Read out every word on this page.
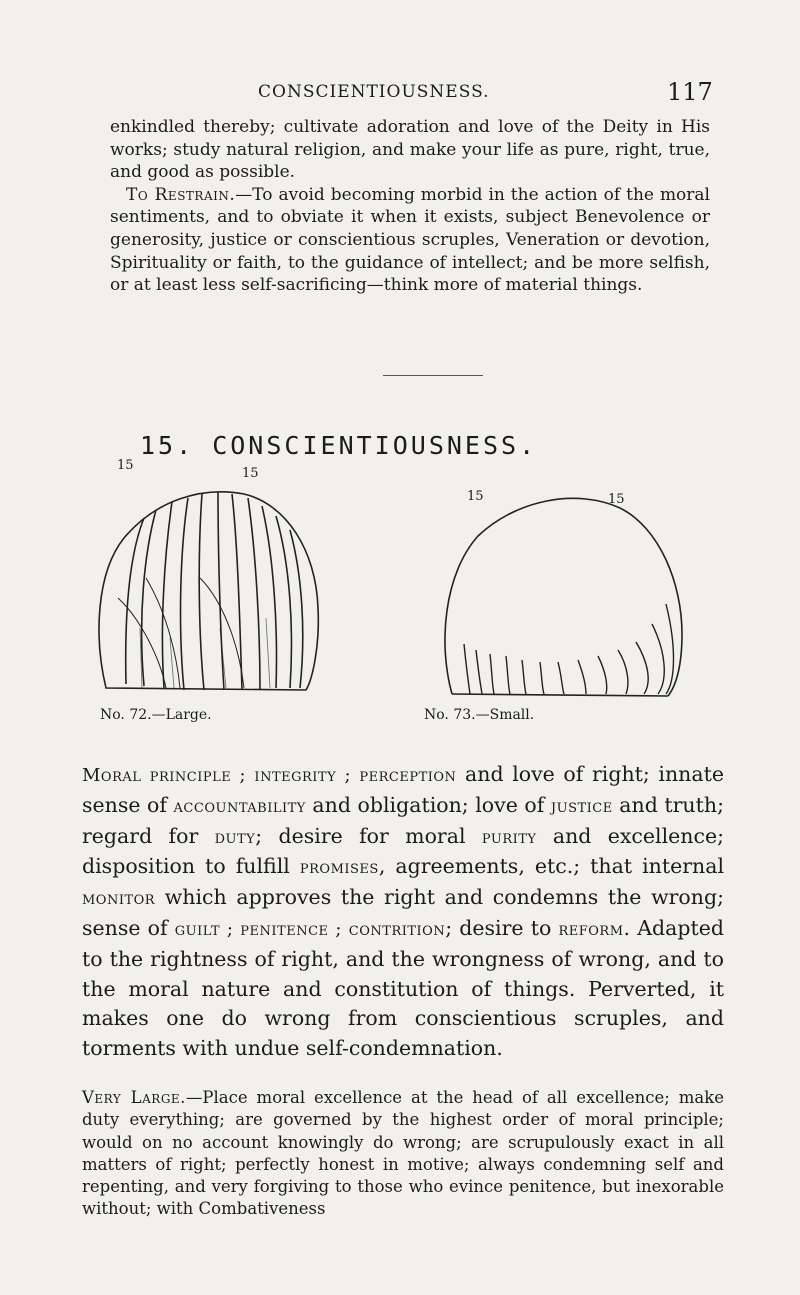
CONSCIENTIOUSNESS.	117

enkindled thereby; cultivate adoration and love of the Deity in His works; study natural religion, and make your life as pure, right, true, and good as possible.

To Restrain.—To avoid becoming morbid in the action of the moral sentiments, and to obviate it when it exists, subject Benevolence or generosity, justice or conscientious scruples, Veneration or devotion, Spirituality or faith, to the guidance of intellect; and be more selfish, or at least less self-sacrificing—think more of material things.

15. CONSCIENTIOUSNESS.
15
15
No. 72.—Large.
15	15
No. 73.—Small.
Moral principle ; integrity ; perception and love of right; innate sense of accountability and obligation; love of justice and truth; regard for duty; desire for moral purity and excellence; disposition to fulfill promises, agreements, etc.; that internal monitor which approves the right and condemns the wrong; sense of guilt ; penitence ; contrition; desire to reform. Adapted to the rightness of right, and the wrongness of wrong, and to the moral nature and constitution of things. Perverted, it makes one do wrong from conscientious scruples, and torments with undue self-condemnation.
Very Large.—Place moral excellence at the head of all excellence; make duty everything; are governed by the highest order of moral principle; would on no account knowingly do wrong; are scrupulously exact in all matters of right; perfectly honest in motive; always condemning self and repenting, and very forgiving to those who evince penitence, but inexorable without; with Combativeness
